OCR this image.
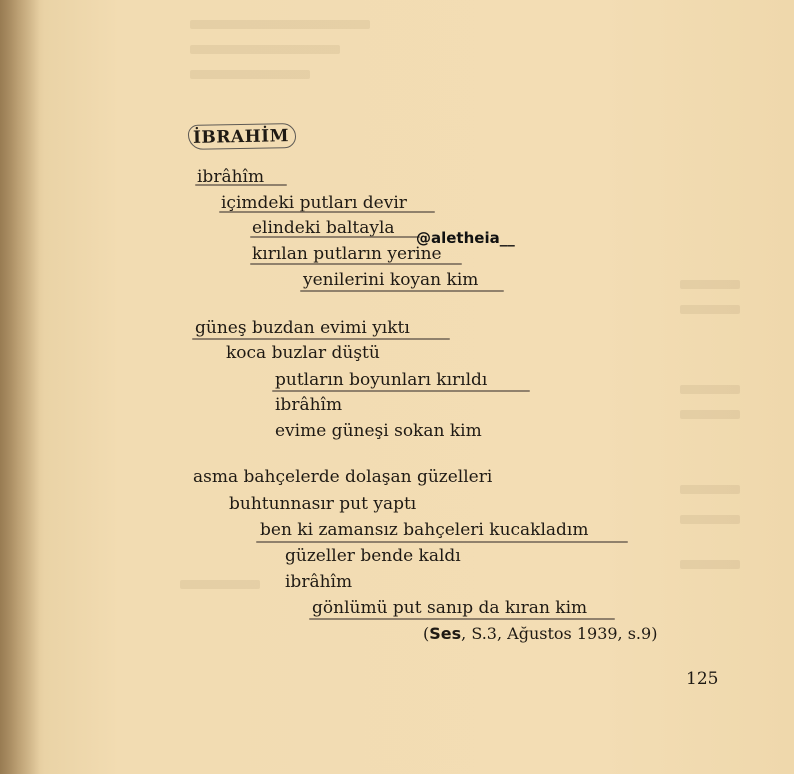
İBRAHİM
ibrâhîm
içimdeki putları devir
elindeki baltayla
kırılan putların yerine
yenilerini koyan kim
@aletheia__
güneş buzdan evimi yıktı
koca buzlar düştü
putların boyunları kırıldı
ibrâhîm
evime güneşi sokan kim
asma bahçelerde dolaşan güzelleri
buhtunnasır put yaptı
ben ki zamansız bahçeleri kucakladım
güzeller bende kaldı
ibrâhîm
gönlümü put sanıp da kıran kim
(Ses, S.3, Ağustos 1939, s.9)
125
